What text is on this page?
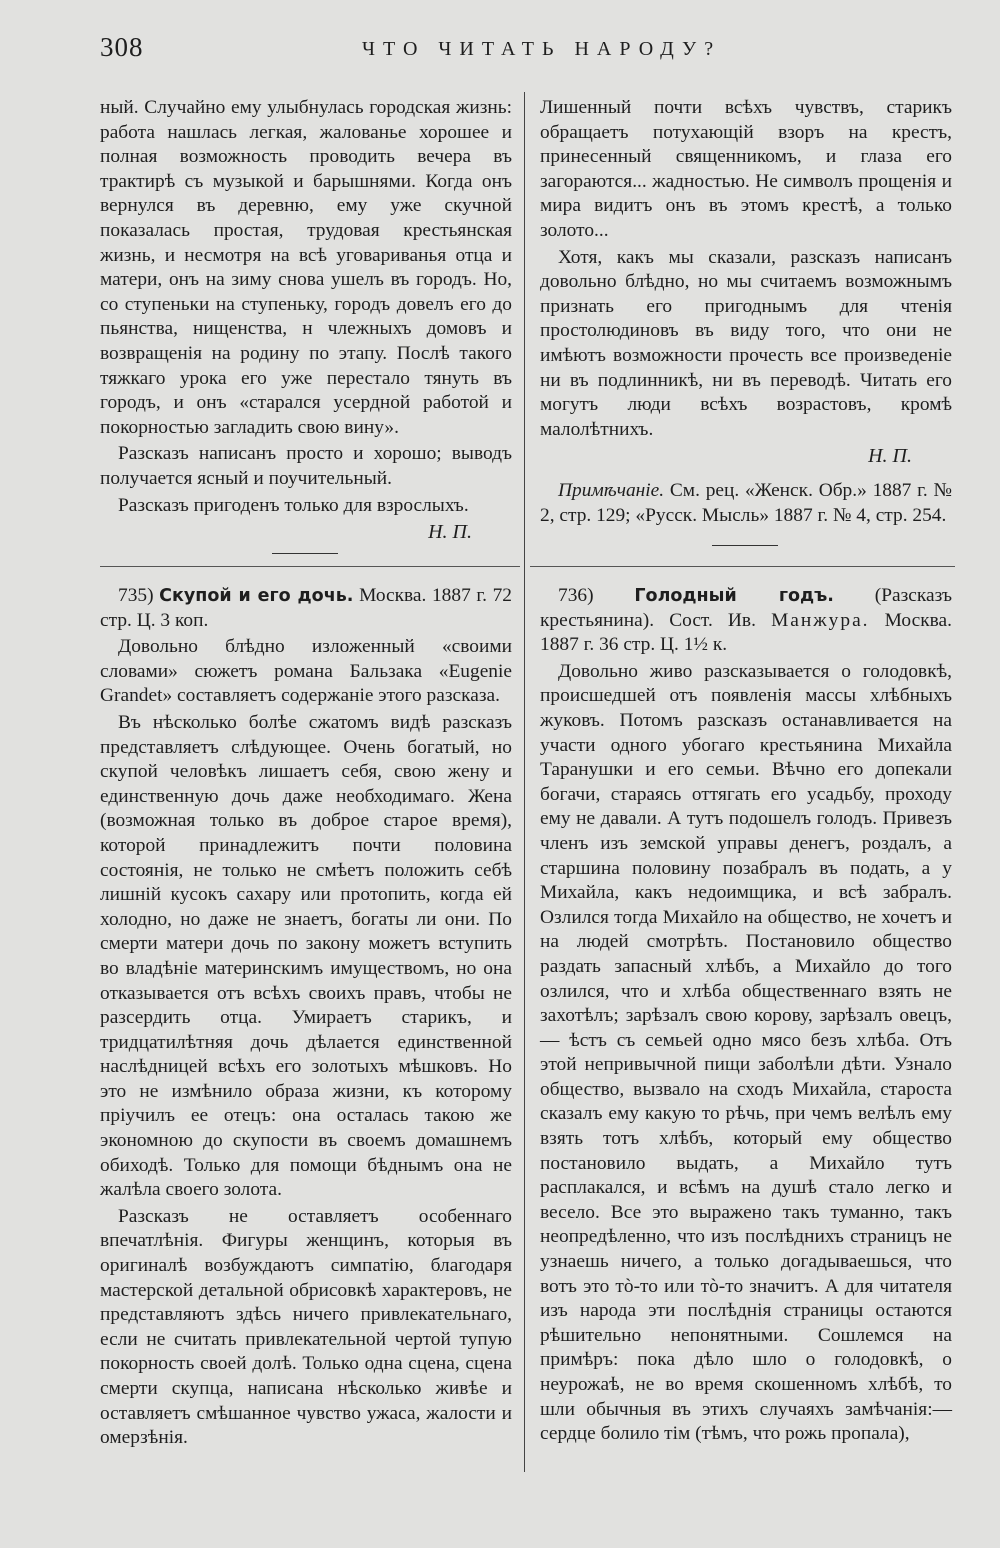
308	ЧТО ЧИТАТЬ НАРОДУ?

ный. Случайно ему улыбнулась городская жизнь: работа нашлась легкая, жалованье хорошее и полная возможность проводить вечера въ трактирѣ съ музыкой и барышнями. Когда онъ вернулся въ деревню, ему уже скучной показалась простая, трудовая крестьянская жизнь, и несмотря на всѣ уговариванья отца и матери, онъ на зиму снова ушелъ въ городъ. Но, со ступеньки на ступеньку, городъ довелъ его до пьянства, нищенства, н члежныхъ домовъ и возвращенія на родину по этапу. Послѣ такого тяжкаго урока его уже перестало тянуть въ городъ, и онъ «старался усердной работой и покорностью загладить свою вину».

Разсказъ написанъ просто и хорошо; выводъ получается ясный и поучительный.

Разсказъ пригоденъ только для взрослыхъ.

Н. П.

Лишенный почти всѣхъ чувствъ, старикъ обращаетъ потухающій взоръ на крестъ, принесенный священникомъ, и глаза его загораются... жадностью. Не символъ прощенія и мира видитъ онъ въ этомъ крестѣ, а только золото...

Хотя, какъ мы сказали, разсказъ написанъ довольно блѣдно, но мы считаемъ возможнымъ признать его пригоднымъ для чтенія простолюдиновъ въ виду того, что они не имѣютъ возможности прочесть все произведеніе ни въ подлинникѣ, ни въ переводѣ. Читать его могутъ люди всѣхъ возрастовъ, кромѣ малолѣтнихъ.

Н. П.

Примѣчаніе. См. рец. «Женск. Обр.» 1887 г. № 2, стр. 129; «Русск. Мысль» 1887 г. № 4, стр. 254.

735) Скупой и его дочь. Москва. 1887 г. 72 стр. Ц. 3 коп.

Довольно блѣдно изложенный «своими словами» сюжетъ романа Бальзака «Eugenie Grandet» составляетъ содержаніе этого разсказа.

Въ нѣсколько болѣе сжатомъ видѣ разсказъ представляетъ слѣдующее. Очень богатый, но скупой человѣкъ лишаетъ себя, свою жену и единственную дочь даже необходимаго. Жена (возможная только въ доброе старое время), которой принадлежитъ почти половина состоянія, не только не смѣетъ положить себѣ лишній кусокъ сахару или протопить, когда ей холодно, но даже не знаетъ, богаты ли они. По смерти матери дочь по закону можетъ вступить во владѣніе материнскимъ имуществомъ, но она отказывается отъ всѣхъ своихъ правъ, чтобы не разсердить отца. Умираетъ старикъ, и тридцатилѣтняя дочь дѣлается единственной наслѣдницей всѣхъ его золотыхъ мѣшковъ. Но это не измѣнило образа жизни, къ которому пріучилъ ее отецъ: она осталась такою же экономною до скупости въ своемъ домашнемъ обиходѣ. Только для помощи бѣднымъ она не жалѣла своего золота.

Разсказъ не оставляетъ особеннаго впечатлѣнія. Фигуры женщинъ, которыя въ оригиналѣ возбуждаютъ симпатію, благодаря мастерской детальной обрисовкѣ характеровъ, не представляютъ здѣсь ничего привлекательнаго, если не считать привлекательной чертой тупую покорность своей долѣ. Только одна сцена, сцена смерти скупца, написана нѣсколько живѣе и оставляетъ смѣшанное чувство ужаса, жалости и омерзѣнія.

736) Голодный годъ. (Разсказъ крестьянина). Сост. Ив. Манжура. Москва. 1887 г. 36 стр. Ц. 1½ к.

Довольно живо разсказывается о голодовкѣ, происшедшей отъ появленія массы хлѣбныхъ жуковъ. Потомъ разсказъ останавливается на участи одного убогаго крестьянина Михайла Таранушки и его семьи. Вѣчно его допекали богачи, стараясь оттягать его усадьбу, проходу ему не давали. А тутъ подошелъ голодъ. Привезъ членъ изъ земской управы денегъ, роздалъ, а старшина половину позабралъ въ подать, а у Михайла, какъ недоимщика, и всѣ забралъ. Озлился тогда Михайло на общество, не хочетъ и на людей смотрѣть. Постановило общество раздать запасный хлѣбъ, а Михайло до того озлился, что и хлѣба общественнаго взять не захотѣлъ; зарѣзалъ свою корову, зарѣзалъ овецъ,— ѣстъ съ семьей одно мясо безъ хлѣба. Отъ этой непривычной пищи заболѣли дѣти. Узнало общество, вызвало на сходъ Михайла, староста сказалъ ему какую то рѣчь, при чемъ велѣлъ ему взять тотъ хлѣбъ, который ему общество постановило выдать, а Михайло тутъ расплакался, и всѣмъ на душѣ стало легко и весело. Все это выражено такъ туманно, такъ неопредѣленно, что изъ послѣднихъ страницъ не узнаешь ничего, а только догадываешься, что вотъ это тò-то или тò-то значитъ. А для читателя изъ народа эти послѣднія страницы остаются рѣшительно непонятными. Сошлемся на примѣръ: пока дѣло шло о голодовкѣ, о неурожаѣ, не во время скошенномъ хлѣбѣ, то шли обычныя въ этихъ случаяхъ замѣчанія:— сердце болило тім (тѣмъ, что рожь пропала),
